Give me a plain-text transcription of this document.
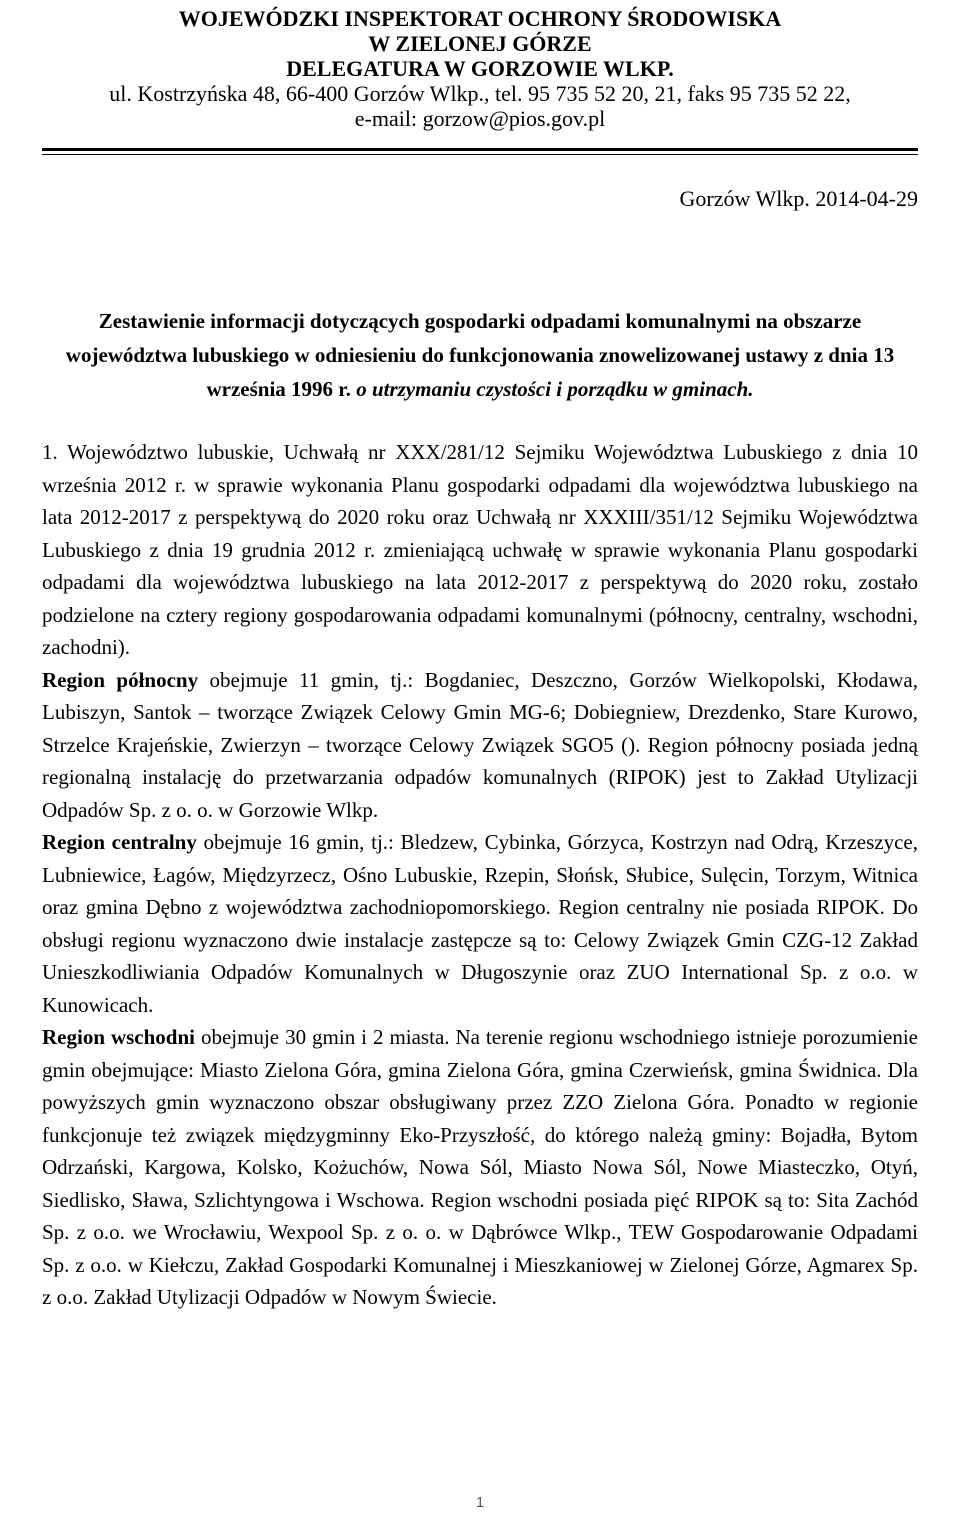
WOJEWÓDZKI INSPEKTORAT OCHRONY ŚRODOWISKA
W ZIELONEJ GÓRZE
DELEGATURA W GORZOWIE WLKP.
ul. Kostrzyńska 48, 66-400 Gorzów Wlkp., tel. 95 735 52 20, 21, faks 95 735 52 22,
e-mail: gorzow@pios.gov.pl
Gorzów Wlkp. 2014-04-29
Zestawienie informacji dotyczących gospodarki odpadami komunalnymi na obszarze województwa lubuskiego w odniesieniu do funkcjonowania znowelizowanej ustawy z dnia 13 września 1996 r. o utrzymaniu czystości i porządku w gminach.

1. Województwo lubuskie, Uchwałą nr XXX/281/12 Sejmiku Województwa Lubuskiego z dnia 10 września 2012 r. w sprawie wykonania Planu gospodarki odpadami dla województwa lubuskiego na lata 2012-2017 z perspektywą do 2020 roku oraz Uchwałą nr XXXIII/351/12 Sejmiku Województwa Lubuskiego z dnia 19 grudnia 2012 r. zmieniającą uchwałę w sprawie wykonania Planu gospodarki odpadami dla województwa lubuskiego na lata 2012-2017 z perspektywą do 2020 roku, zostało podzielone na cztery regiony gospodarowania odpadami komunalnymi (północny, centralny, wschodni, zachodni).

Region północny obejmuje 11 gmin, tj.: Bogdaniec, Deszczno, Gorzów Wielkopolski, Kłodawa, Lubiszyn, Santok – tworzące Związek Celowy Gmin MG-6; Dobiegniew, Drezdenko, Stare Kurowo, Strzelce Krajeńskie, Zwierzyn – tworzące Celowy Związek SGO5 (). Region północny posiada jedną regionalną instalację do przetwarzania odpadów komunalnych (RIPOK) jest to Zakład Utylizacji Odpadów Sp. z o. o. w Gorzowie Wlkp.

Region centralny obejmuje 16 gmin, tj.: Bledzew, Cybinka, Górzyca, Kostrzyn nad Odrą, Krzeszyce, Lubniewice, Łagów, Międzyrzecz, Ośno Lubuskie, Rzepin, Słońsk, Słubice, Sulęcin, Torzym, Witnica oraz gmina Dębno z województwa zachodniopomorskiego. Region centralny nie posiada RIPOK. Do obsługi regionu wyznaczono dwie instalacje zastępcze są to: Celowy Związek Gmin CZG-12 Zakład Unieszkodliwiania Odpadów Komunalnych w Długoszynie oraz ZUO International Sp. z o.o. w Kunowicach.

Region wschodni obejmuje 30 gmin i 2 miasta. Na terenie regionu wschodniego istnieje porozumienie gmin obejmujące: Miasto Zielona Góra, gmina Zielona Góra, gmina Czerwieńsk, gmina Świdnica. Dla powyższych gmin wyznaczono obszar obsługiwany przez ZZO Zielona Góra. Ponadto w regionie funkcjonuje też związek międzygminny Eko-Przyszłość, do którego należą gminy: Bojadła, Bytom Odrzański, Kargowa, Kolsko, Kożuchów, Nowa Sól, Miasto Nowa Sól, Nowe Miasteczko, Otyń, Siedlisko, Sława, Szlichtyngowa i Wschowa. Region wschodni posiada pięć RIPOK są to: Sita Zachód Sp. z o.o. we Wrocławiu, Wexpool Sp. z o. o. w Dąbrówce Wlkp., TEW Gospodarowanie Odpadami Sp. z o.o. w Kiełczu, Zakład Gospodarki Komunalnej i Mieszkaniowej w Zielonej Górze, Agmarex Sp. z o.o. Zakład Utylizacji Odpadów w Nowym Świecie.

1
